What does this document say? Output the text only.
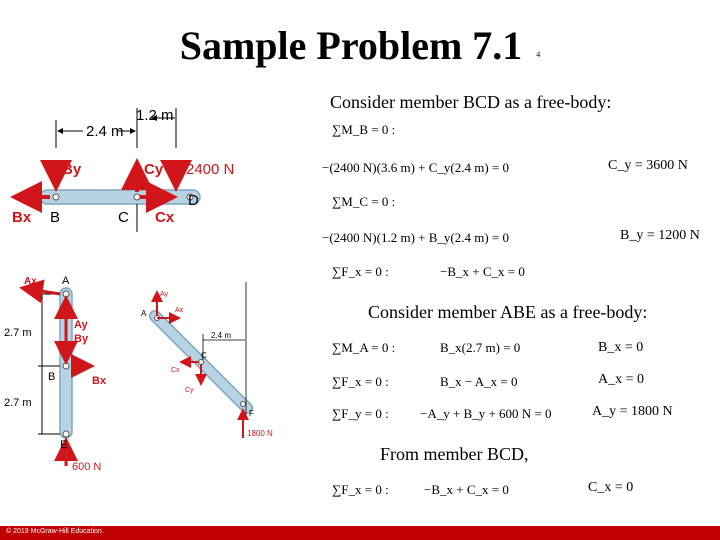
Sample Problem 7.1 $^4$
2.4 m
1.2 m
By	Cy 2400 N
Bx	Cx
B	C
D
2.7 m
2.7 m
Ax A
Ay
By
Bx
B
E
600 N
2.4 m
Ay
Ax
A
C
Cx
Cy
F
1800 N
Consider member BCD as a free-body:
∑M_B = 0 :
−(2400 N)(3.6 m) + C_y(2.4 m) = 0	C_y = 3600 N
∑M_C = 0 :
−(2400 N)(1.2 m) + B_y(2.4 m) = 0	B_y = 1200 N
∑F_x = 0 :	−B_x + C_x = 0
Consider member ABE as a free-body:
∑M_A = 0 :	B_x(2.7 m) = 0	B_x = 0
∑F_x = 0 :	B_x − A_x = 0	A_x = 0
∑F_y = 0 : −A_y + B_y + 600 N = 0	A_y = 1800 N
From member BCD,
∑F_x = 0 :	−B_x + C_x = 0	C_x = 0
© 2019 McGraw-Hill Education.
